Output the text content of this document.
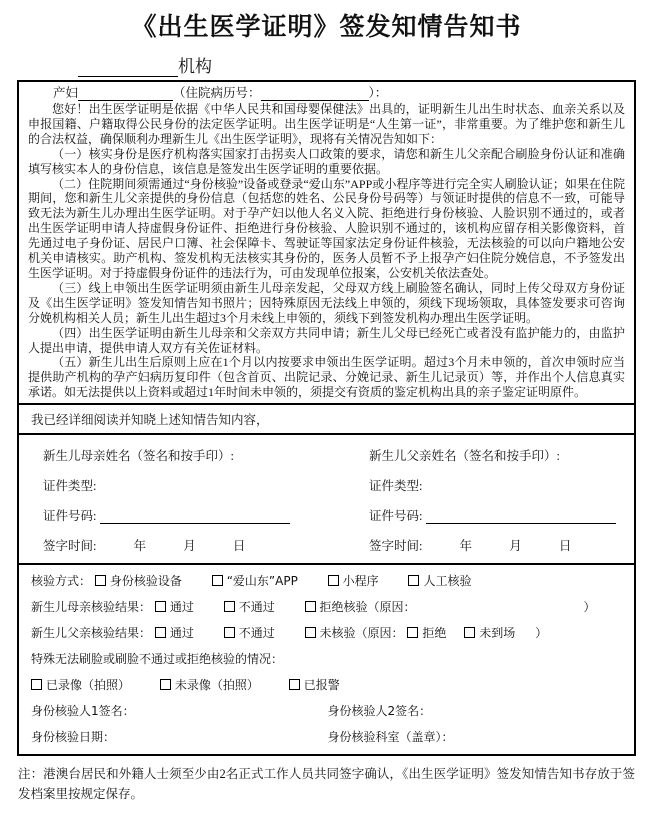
《出生医学证明》签发知情告知书
机构
产妇	（住院病历号：	）：

您好！出生医学证明是依据《中华人民共和国母婴保健法》出具的，证明新生儿出生时状态、血亲关系以及申报国籍、户籍取得公民身份的法定医学证明。出生医学证明是“人生第一证”，非常重要。为了维护您和新生儿的合法权益，确保顺利办理新生儿《出生医学证明》，现将有关情况告知如下：

（一）核实身份是医疗机构落实国家打击拐卖人口政策的要求，请您和新生儿父亲配合刷脸身份认证和准确填写核实本人的身份信息，该信息是签发出生医学证明的重要依据。

（二）住院期间须需通过“身份核验”设备或登录“爱山东”APP或小程序等进行完全实人刷脸认证；如果在住院期间，您和新生儿父亲提供的身份信息（包括您的姓名、公民身份号码等）与领证时提供的信息不一致，可能导致无法为新生儿办理出生医学证明。对于孕产妇以他人名义入院、拒绝进行身份核验、人脸识别不通过的，或者出生医学证明申请人持虚假身份证件、拒绝进行身份核验、人脸识别不通过的，该机构应留存相关影像资料，首先通过电子身份证、居民户口簿、社会保障卡、驾驶证等国家法定身份证件核验，无法核验的可以向户籍地公安机关申请核实。助产机构、签发机构无法核实其身份的，医务人员暂不予上报孕产妇住院分娩信息，不予签发出生医学证明。对于持虚假身份证件的违法行为，可由发现单位报案，公安机关依法查处。

（三）线上申领出生医学证明须由新生儿母亲发起，父母双方线上刷脸签名确认，同时上传父母双方身份证及《出生医学证明》签发知情告知书照片；因特殊原因无法线上申领的，须线下现场领取，具体签发要求可咨询分娩机构相关人员；新生儿出生超过3个月未线上申领的，须线下到签发机构办理出生医学证明。

（四）出生医学证明由新生儿母亲和父亲双方共同申请；新生儿父母已经死亡或者没有监护能力的，由监护人提出申请，提供申请人双方有关佐证材料。

（五）新生儿出生后原则上应在1个月以内按要求申领出生医学证明。超过3个月未申领的，首次申领时应当提供助产机构的孕产妇病历复印件（包含首页、出院记录、分娩记录、新生儿记录页）等，并作出个人信息真实承诺。如无法提供以上资料或超过1年时间未申领的，须提交有资质的鉴定机构出具的亲子鉴定证明原件。

我已经详细阅读并知晓上述知情告知内容，
新生儿母亲姓名（签名和按手印）:	新生儿父亲姓名（签名和按手印）:
证件类型:	证件类型:
证件号码:	证件号码:
签字时间:	年	月	日	签字时间:	年	月	日
核验方式： 身份核验设备	“爱山东”APP	小程序	人工核验
新生儿母亲核验结果： 通过	不通过	拒绝核验（原因：	）
新生儿父亲核验结果： 通过	不通过	未核验（原因： 拒绝	未到场 ）
特殊无法刷脸或刷脸不通过或拒绝核验的情况：
已录像（拍照）	未录像（拍照）	已报警
身份核验人1签名：	身份核验人2签名：
身份核验日期：	身份核验科室（盖章）：
注：港澳台居民和外籍人士须至少由2名正式工作人员共同签字确认，《出生医学证明》签发知情告知书存放于签发档案里按规定保存。
